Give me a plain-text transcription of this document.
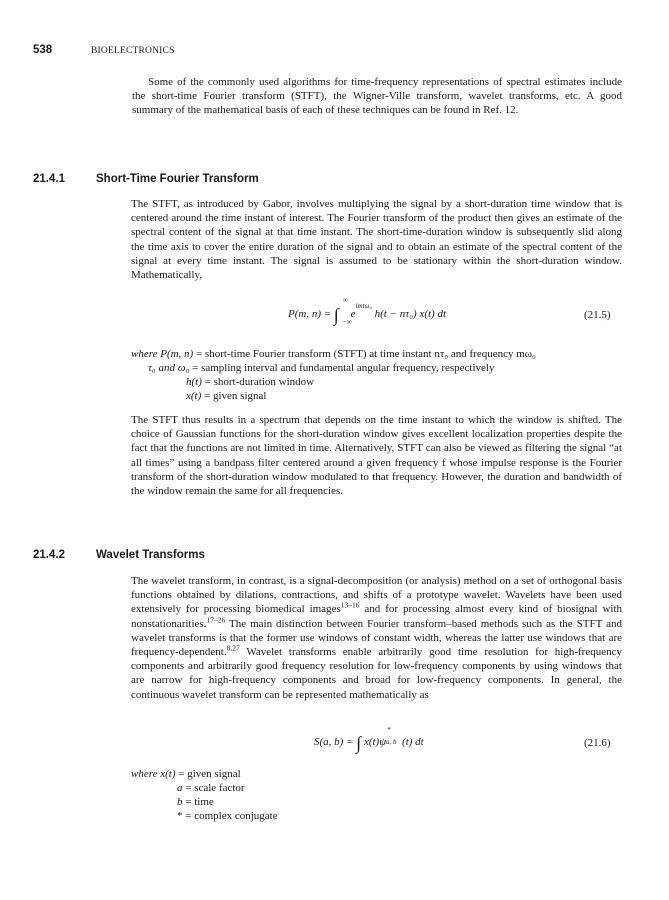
538	BIOELECTRONICS

Some of the commonly used algorithms for time-frequency representations of spectral estimates include the short-time Fourier transform (STFT), the Wigner-Ville transform, wavelet transforms, etc. A good summary of the mathematical basis of each of these techniques can be found in Ref. 12.

21.4.1	Short-Time Fourier Transform

The STFT, as introduced by Gabor, involves multiplying the signal by a short-duration time window that is centered around the time instant of interest. The Fourier transform of the product then gives an estimate of the spectral content of the signal at that time instant. The short-time-duration window is subsequently slid along the time axis to cover the entire duration of the signal and to obtain an estimate of the spectral content of the signal at every time instant. The signal is assumed to be stationary within the short-duration window. Mathematically,

P(m, n) = ∫
∞
−∞
$e^{imt\omega_0}$ h(t − nτ₀) x(t) dt	(21.5)
where P(m, n) = short-time Fourier transform (STFT) at time instant nτ₀ and frequency mω₀
τ₀ and ω₀ = sampling interval and fundamental angular frequency, respectively
h(t) = short-duration window
x(t) = given signal

The STFT thus results in a spectrum that depends on the time instant to which the window is shifted. The choice of Gaussian functions for the short-duration window gives excellent localization properties despite the fact that the functions are not limited in time. Alternatively, STFT can also be viewed as filtering the signal “at all times” using a bandpass filter centered around a given frequency f whose impulse response is the Fourier transform of the short-duration window modulated to that frequency. However, the duration and bandwidth of the window remain the same for all frequencies.

21.4.2	Wavelet Transforms

The wavelet transform, in contrast, is a signal-decomposition (or analysis) method on a set of orthogonal basis functions obtained by dilations, contractions, and shifts of a prototype wavelet. Wavelets have been used extensively for processing biomedical images$^{13-16}$ and for processing almost every kind of biosignal with nonstationarities.$^{17-26}$ The main distinction between Fourier transform–based methods such as the STFT and wavelet transforms is that the former use windows of constant width, whereas the latter use windows that are frequency-dependent.$^{8,27}$ Wavelet transforms enable arbitrarily good time resolution for high-frequency components and arbitrarily good frequency resolution for low-frequency components by using windows that are narrow for high-frequency components and broad for low-frequency components. In general, the continuous wavelet transform can be represented mathematically as

S(a, b) = ∫ x(t)ψ
*
a, b (t) dt	(21.6)
where x(t) = given signal
a = scale factor
b = time
* = complex conjugate
